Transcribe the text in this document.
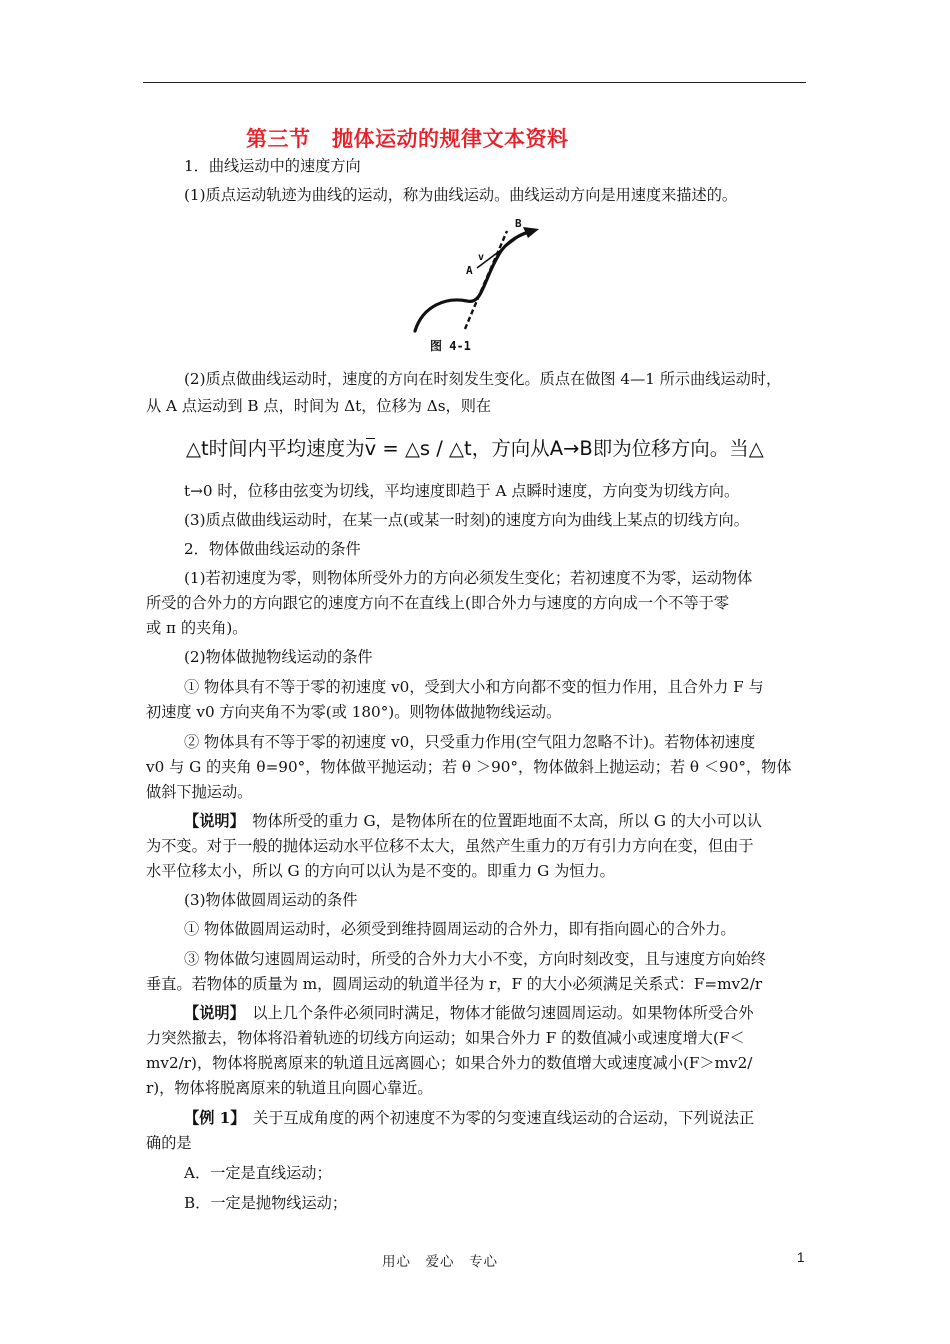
第三节　抛体运动的规律文本资料
1．曲线运动中的速度方向
(1)质点运动轨迹为曲线的运动，称为曲线运动。曲线运动方向是用速度来描述的。
B
v
A
图 4-1
(2)质点做曲线运动时，速度的方向在时刻发生变化。质点在做图 4—1 所示曲线运动时，
从 A 点运动到 B 点，时间为 Δt，位移为 Δs，则在
△t时间内平均速度为v = △s / △t，方向从A→B即为位移方向。当△
t→0 时，位移由弦变为切线，平均速度即趋于 A 点瞬时速度，方向变为切线方向。
(3)质点做曲线运动时，在某一点(或某一时刻)的速度方向为曲线上某点的切线方向。
2．物体做曲线运动的条件
(1)若初速度为零，则物体所受外力的方向必须发生变化；若初速度不为零，运动物体
所受的合外力的方向跟它的速度方向不在直线上(即合外力与速度的方向成一个不等于零
或 π 的夹角)。
(2)物体做抛物线运动的条件
① 物体具有不等于零的初速度 v0，受到大小和方向都不变的恒力作用，且合外力 F 与
初速度 v0 方向夹角不为零(或 180°)。则物体做抛物线运动。
② 物体具有不等于零的初速度 v0，只受重力作用(空气阻力忽略不计)。若物体初速度
v0 与 G 的夹角 θ=90°，物体做平抛运动；若 θ ＞90°，物体做斜上抛运动；若 θ ＜90°，物体
做斜下抛运动。
【说明】　物体所受的重力 G，是物体所在的位置距地面不太高，所以 G 的大小可以认
为不变。对于一般的抛体运动水平位移不太大，虽然产生重力的万有引力方向在变，但由于
水平位移太小，所以 G 的方向可以认为是不变的。即重力 G 为恒力。
(3)物体做圆周运动的条件
① 物体做圆周运动时，必须受到维持圆周运动的合外力，即有指向圆心的合外力。
③ 物体做匀速圆周运动时，所受的合外力大小不变，方向时刻改变，且与速度方向始终
垂直。若物体的质量为 m，圆周运动的轨道半径为 r，F 的大小必须满足关系式：F=mv2/r
【说明】　以上几个条件必须同时满足，物体才能做匀速圆周运动。如果物体所受合外
力突然撤去，物体将沿着轨迹的切线方向运动；如果合外力 F 的数值减小或速度增大(F＜
mv2/r)，物体将脱离原来的轨道且远离圆心；如果合外力的数值增大或速度减小(F＞mv2/
r)，物体将脱离原来的轨道且向圆心靠近。
【例 1】　关于互成角度的两个初速度不为零的匀变速直线运动的合运动，下列说法正
确的是
A．一定是直线运动；
B．一定是抛物线运动；
用心　爱心　专心	1
